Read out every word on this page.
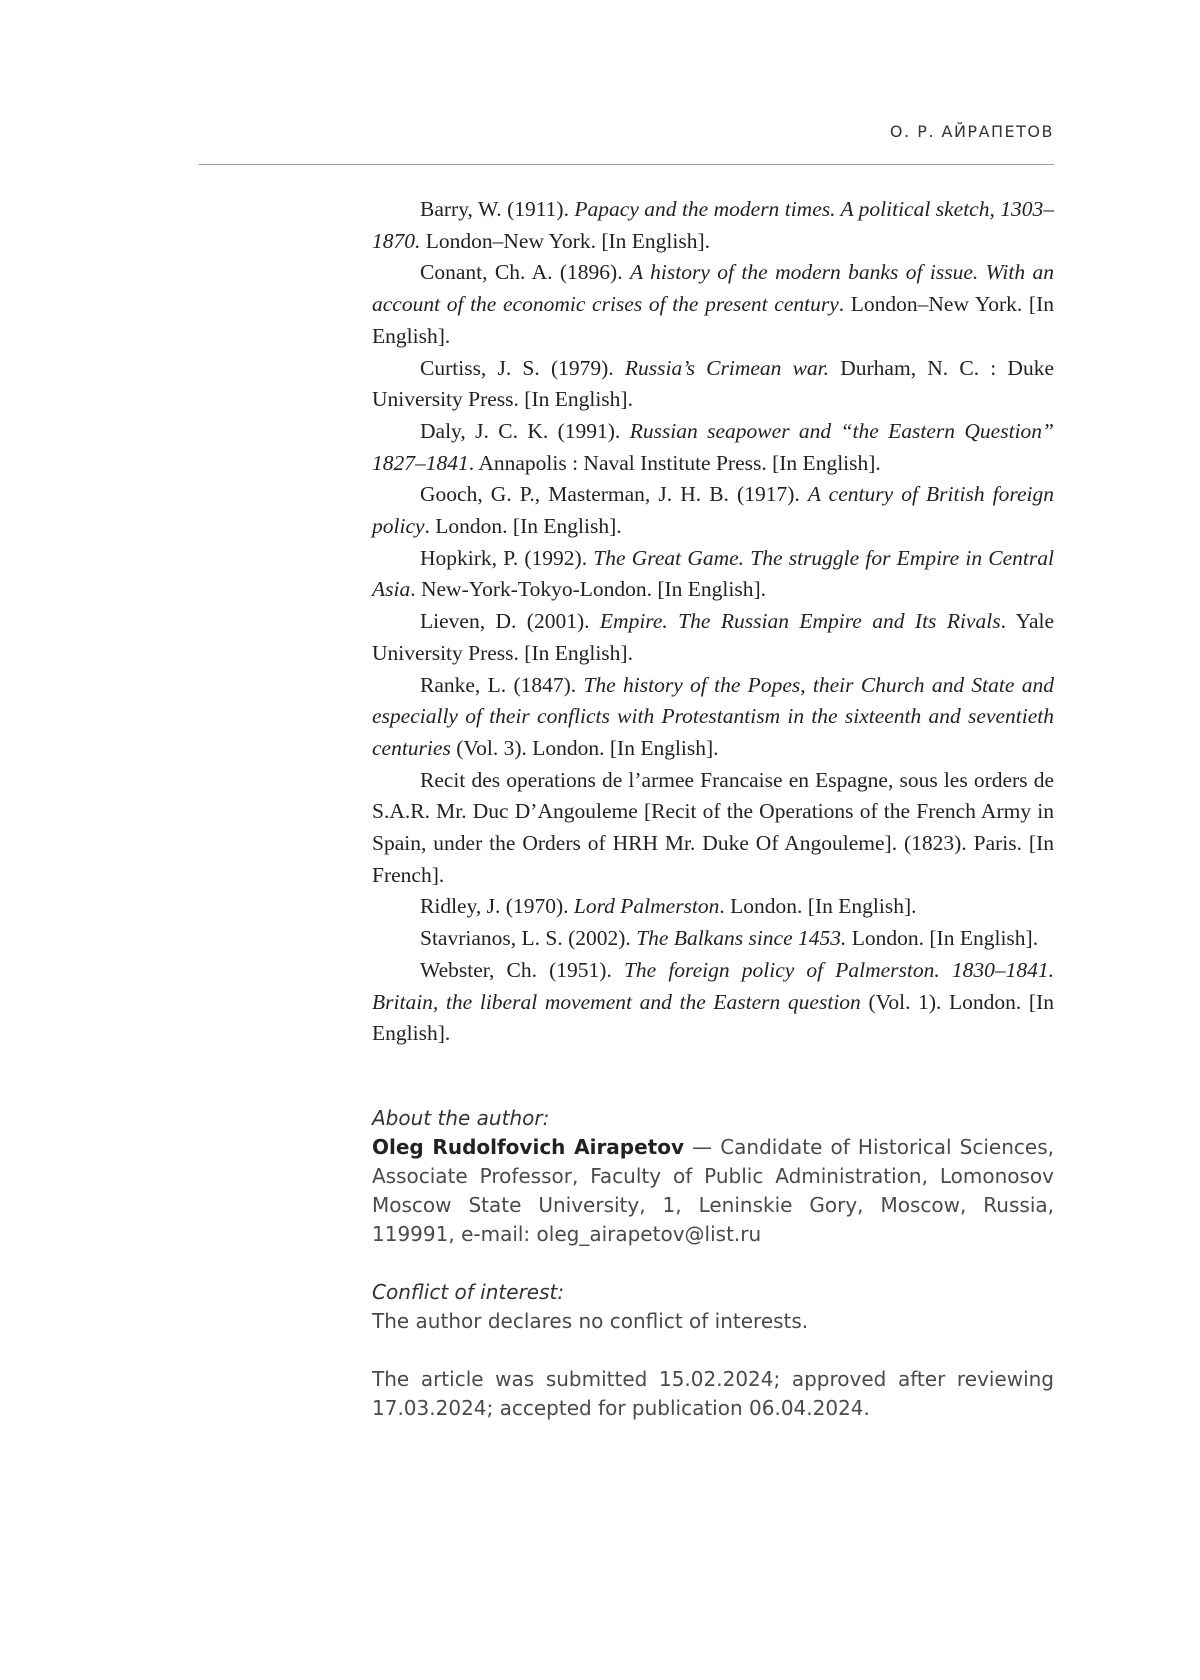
О. Р. АЙРАПЕТОВ

Barry, W. (1911). Papacy and the modern times. A political sketch, 1303–1870. London–New York. [In English].

Conant, Ch. A. (1896). A history of the modern banks of issue. With an account of the economic crises of the present century. London–New York. [In English].

Curtiss, J. S. (1979). Russia’s Crimean war. Durham, N. C. : Duke University Press. [In English].

Daly, J. C. K. (1991). Russian seapower and “the Eastern Question” 1827–1841. Annapolis : Naval Institute Press. [In English].

Gooch, G. P., Masterman, J. H. B. (1917). A century of British foreign policy. London. [In English].

Hopkirk, P. (1992). The Great Game. The struggle for Empire in Central Asia. New-York-Tokyo-London. [In English].

Lieven, D. (2001). Empire. The Russian Empire and Its Rivals. Yale University Press. [In English].

Ranke, L. (1847). The history of the Popes, their Church and State and especially of their conflicts with Protestantism in the sixteenth and seventieth centuries (Vol. 3). London. [In English].

Recit des operations de l’armee Francaise en Espagne, sous les orders de S.A.R. Mr. Duc D’Angouleme [Recit of the Operations of the French Army in Spain, under the Orders of HRH Mr. Duke Of Angouleme]. (1823). Paris. [In French].

Ridley, J. (1970). Lord Palmerston. London. [In English].

Stavrianos, L. S. (2002). The Balkans since 1453. London. [In English].

Webster, Ch. (1951). The foreign policy of Palmerston. 1830–1841. Britain, the liberal movement and the Eastern question (Vol. 1). London. [In English].

About the author:

Oleg Rudolfovich Airapetov — Candidate of Historical Sciences, Associate Professor, Faculty of Public Administration, Lomonosov Moscow State University, 1, Leninskie Gory, Moscow, Russia, 119991, e-mail: oleg_airapetov@list.ru

Conflict of interest:

The author declares no conflict of interests.

The article was submitted 15.02.2024; approved after reviewing 17.03.2024; accepted for publication 06.04.2024.
